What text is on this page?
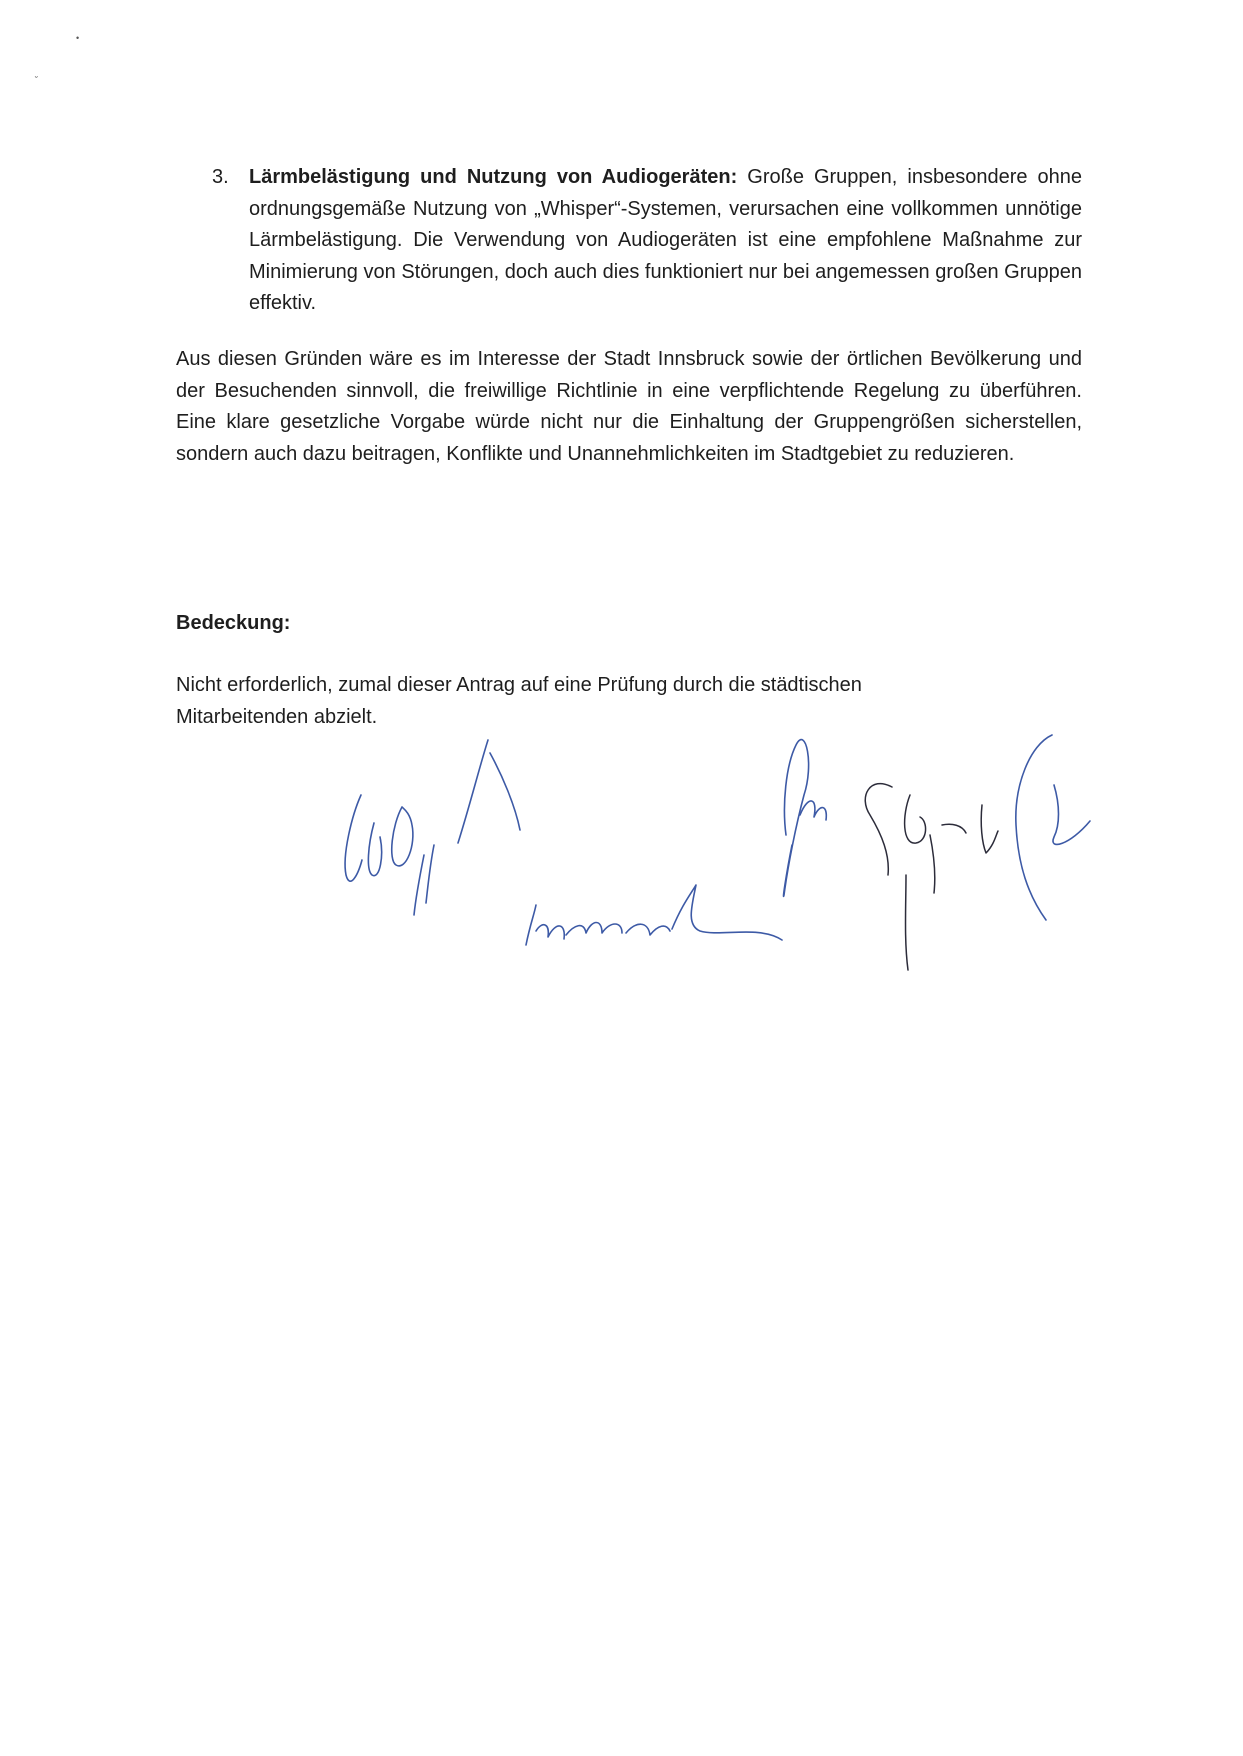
•
˘
3. Lärmbelästigung und Nutzung von Audiogeräten: Große Gruppen, insbesondere ohne ordnungsgemäße Nutzung von „Whisper“-Systemen, verursachen eine vollkommen unnötige Lärmbelästigung. Die Verwendung von Audiogeräten ist eine empfohlene Maßnahme zur Minimierung von Störungen, doch auch dies funktioniert nur bei angemessen großen Gruppen effektiv.

Aus diesen Gründen wäre es im Interesse der Stadt Innsbruck sowie der örtlichen Bevölkerung und der Besuchenden sinnvoll, die freiwillige Richtlinie in eine verpflichtende Regelung zu überführen. Eine klare gesetzliche Vorgabe würde nicht nur die Einhaltung der Gruppengrößen sicherstellen, sondern auch dazu beitragen, Konflikte und Unannehmlichkeiten im Stadtgebiet zu reduzieren.

Bedeckung:

Nicht erforderlich, zumal dieser Antrag auf eine Prüfung durch die städtischen Mitarbeitenden abzielt.
